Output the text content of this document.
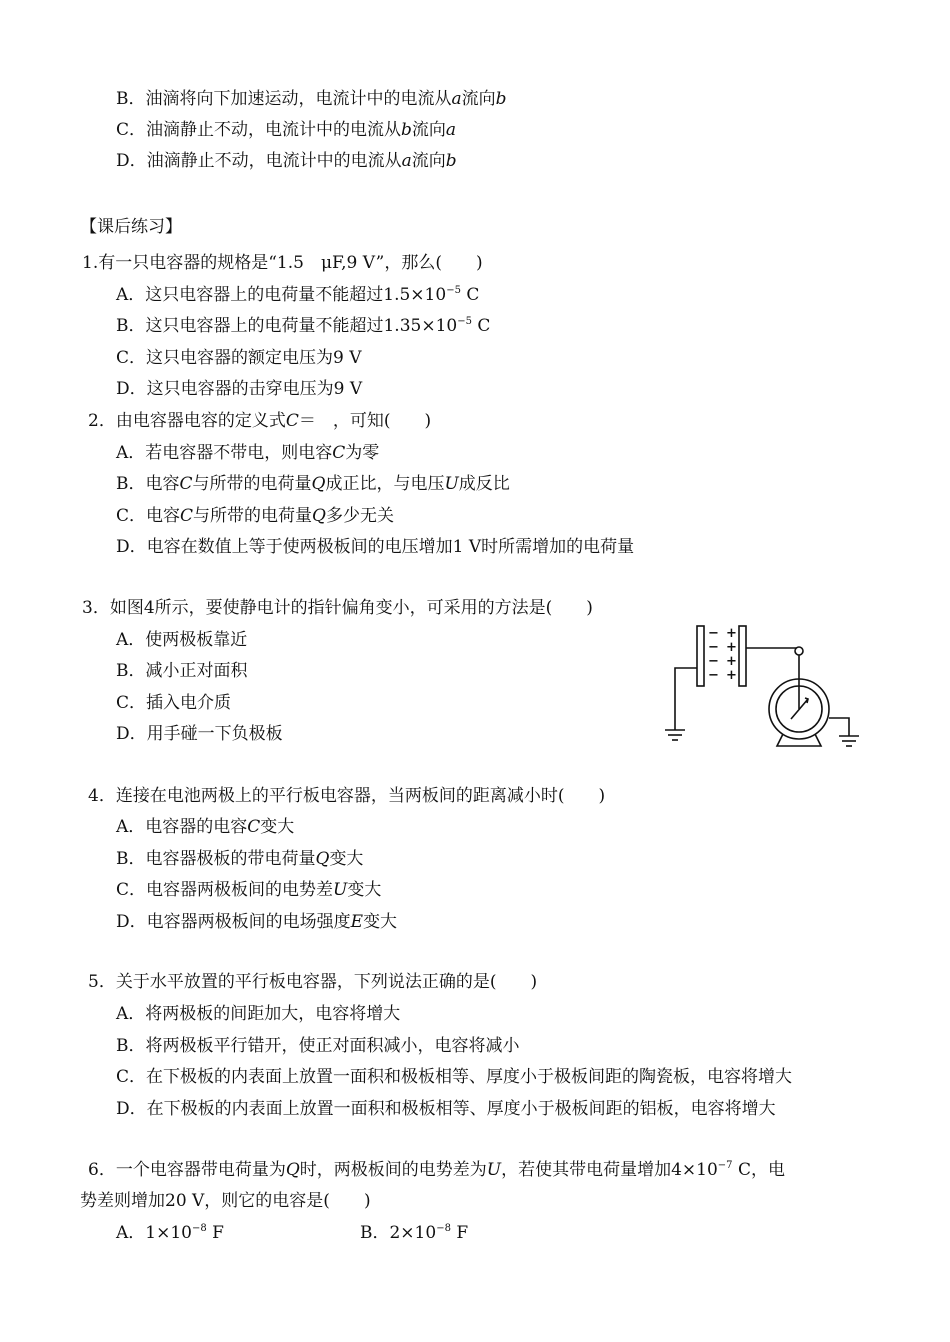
B．油滴将向下加速运动，电流计中的电流从a流向b
C．油滴静止不动，电流计中的电流从b流向a
D．油滴静止不动，电流计中的电流从a流向b
【课后练习】
1.有一只电容器的规格是“1.5　μF,9 V”，那么(　　)
A．这只电容器上的电荷量不能超过$1.5\times 10^{-5}$ C
B．这只电容器上的电荷量不能超过$1.35\times 10^{-5}$ C
C．这只电容器的额定电压为9 V
D．这只电容器的击穿电压为9 V
2．由电容器电容的定义式C＝　，可知(　　)
A．若电容器不带电，则电容C为零
B．电容C与所带的电荷量Q成正比，与电压U成反比
C．电容C与所带的电荷量Q多少无关
D．电容在数值上等于使两极板间的电压增加1 V时所需增加的电荷量
3．如图4所示，要使静电计的指针偏角变小，可采用的方法是(　　)
A．使两极板靠近
B．减小正对面积
C．插入电介质
D．用手碰一下负极板
−
−
−
−
+
+
+
+
4．连接在电池两极上的平行板电容器，当两板间的距离减小时(　　)
A．电容器的电容C变大
B．电容器极板的带电荷量Q变大
C．电容器两极板间的电势差U变大
D．电容器两极板间的电场强度E变大
5．关于水平放置的平行板电容器，下列说法正确的是(　　)
A．将两极板的间距加大，电容将增大
B．将两极板平行错开，使正对面积减小，电容将减小
C．在下极板的内表面上放置一面积和极板相等、厚度小于极板间距的陶瓷板，电容将增大
D．在下极板的内表面上放置一面积和极板相等、厚度小于极板间距的铝板，电容将增大
6．一个电容器带电荷量为Q时，两极板间的电势差为U，若使其带电荷量增加$4\times 10^{-7}$ C，电
势差则增加20 V，则它的电容是(　　)
A．$1\times 10^{-8}$ F	B．$2\times 10^{-8}$ F
